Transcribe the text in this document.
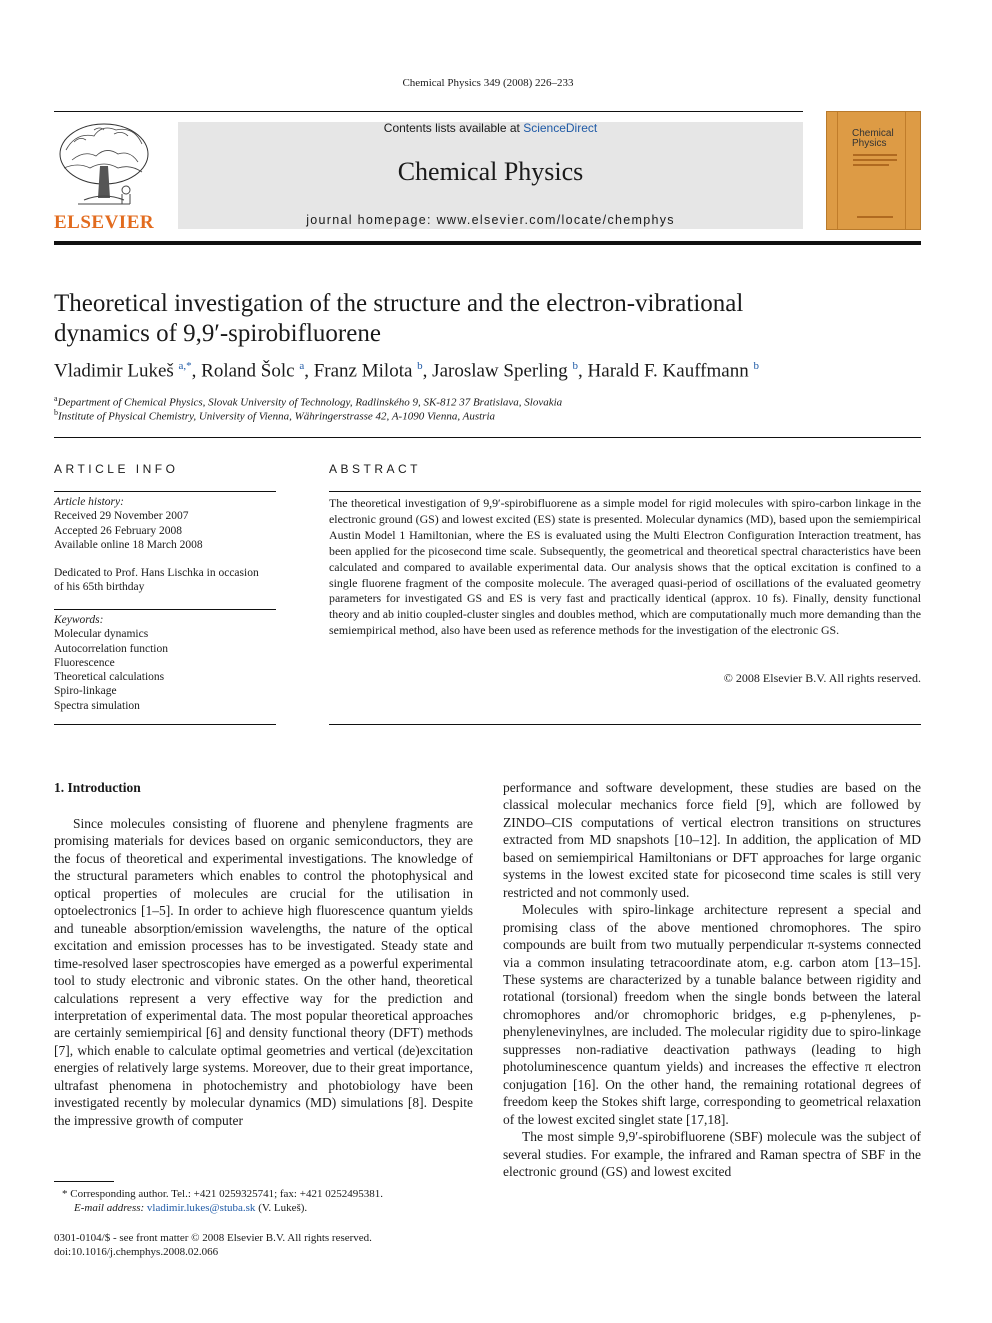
Chemical Physics 349 (2008) 226–233
ELSEVIER
Contents lists available at ScienceDirect
Chemical Physics
journal homepage: www.elsevier.com/locate/chemphys
Chemical
Physics
Theoretical investigation of the structure and the electron-vibrational
dynamics of 9,9′-spirobifluorene
Vladimir Lukeš $^{a,*}$, Roland Šolc $^a$, Franz Milota $^b$, Jaroslaw Sperling $^b$, Harald F. Kauffmann $^b$
$^a$Department of Chemical Physics, Slovak University of Technology, Radlinského 9, SK-812 37 Bratislava, Slovakia
$^b$Institute of Physical Chemistry, University of Vienna, Währingerstrasse 42, A-1090 Vienna, Austria
ARTICLE INFO
Article history:
Received 29 November 2007
Accepted 26 February 2008
Available online 18 March 2008
Dedicated to Prof. Hans Lischka in occasion
of his 65th birthday
Keywords:
Molecular dynamics
Autocorrelation function
Fluorescence
Theoretical calculations
Spiro-linkage
Spectra simulation
ABSTRACT
The theoretical investigation of 9,9′-spirobifluorene as a simple model for rigid molecules with spiro-carbon linkage in the electronic ground (GS) and lowest excited (ES) state is presented. Molecular dynamics (MD), based upon the semiempirical Austin Model 1 Hamiltonian, where the ES is evaluated using the Multi Electron Configuration Interaction treatment, has been applied for the picosecond time scale. Subsequently, the geometrical and theoretical spectral characteristics have been calculated and compared to available experimental data. Our analysis shows that the optical excitation is confined to a single fluorene fragment of the composite molecule. The averaged quasi-period of oscillations of the evaluated geometry parameters for investigated GS and ES is very fast and practically identical (approx. 10 fs). Finally, density functional theory and ab initio coupled-cluster singles and doubles method, which are computationally much more demanding than the semiempirical method, also have been used as reference methods for the investigation of the electronic GS.
© 2008 Elsevier B.V. All rights reserved.
1. Introduction

Since molecules consisting of fluorene and phenylene fragments are promising materials for devices based on organic semiconductors, they are the focus of theoretical and experimental investigations. The knowledge of the structural parameters which enables to control the photophysical and optical properties of molecules are crucial for the utilisation in optoelectronics [1–5]. In order to achieve high fluorescence quantum yields and tuneable absorption/emission wavelengths, the nature of the optical excitation and emission processes has to be investigated. Steady state and time-resolved laser spectroscopies have emerged as a powerful experimental tool to study electronic and vibronic states. On the other hand, theoretical calculations represent a very effective way for the prediction and interpretation of experimental data. The most popular theoretical approaches are certainly semiempirical [6] and density functional theory (DFT) methods [7], which enable to calculate optimal geometries and vertical (de)excitation energies of relatively large systems. Moreover, due to their great importance, ultrafast phenomena in photochemistry and photobiology have been investigated recently by molecular dynamics (MD) simulations [8]. Despite the impressive growth of computer

performance and software development, these studies are based on the classical molecular mechanics force field [9], which are followed by ZINDO–CIS computations of vertical electron transitions on structures extracted from MD snapshots [10–12]. In addition, the application of MD based on semiempirical Hamiltonians or DFT approaches for large organic systems in the lowest excited state for picosecond time scales is still very restricted and not commonly used.

Molecules with spiro-linkage architecture represent a special and promising class of the above mentioned chromophores. The spiro compounds are built from two mutually perpendicular π-systems connected via a common insulating tetracoordinate atom, e.g. carbon atom [13–15]. These systems are characterized by a tunable balance between rigidity and rotational (torsional) freedom when the single bonds between the lateral chromophores and/or chromophoric bridges, e.g p-phenylenes, p-phenylenevinylnes, are included. The molecular rigidity due to spiro-linkage suppresses non-radiative deactivation pathways (leading to high photoluminescence quantum yields) and increases the effective π electron conjugation [16]. On the other hand, the remaining rotational degrees of freedom keep the Stokes shift large, corresponding to geometrical relaxation of the lowest excited singlet state [17,18].

The most simple 9,9′-spirobifluorene (SBF) molecule was the subject of several studies. For example, the infrared and Raman spectra of SBF in the electronic ground (GS) and lowest excited

* Corresponding author. Tel.: +421 0259325741; fax: +421 0252495381.
E-mail address: vladimir.lukes@stuba.sk (V. Lukeš).
0301-0104/$ - see front matter © 2008 Elsevier B.V. All rights reserved.
doi:10.1016/j.chemphys.2008.02.066
